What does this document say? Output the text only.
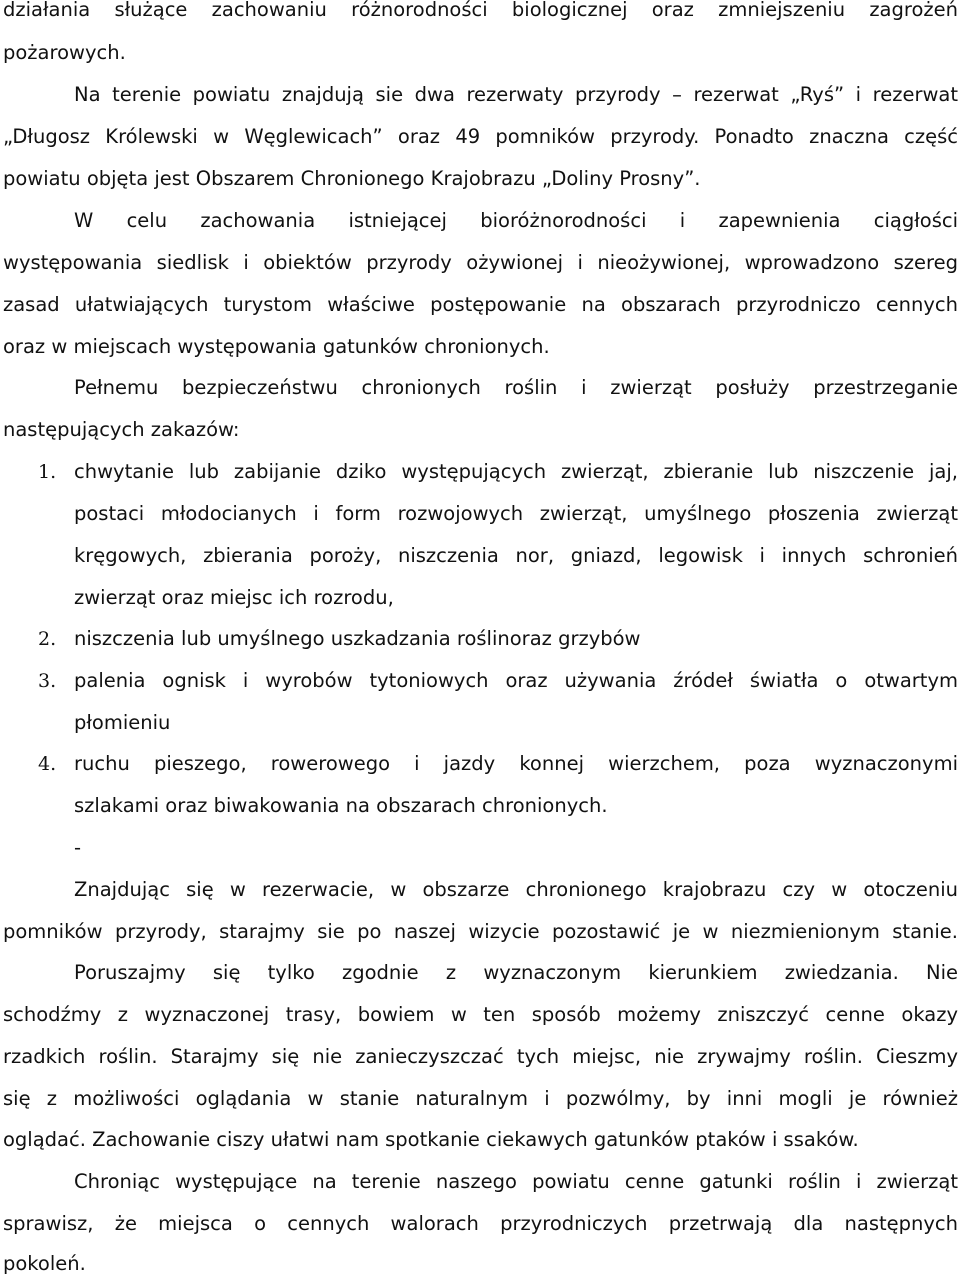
działania służące zachowaniu różnorodności biologicznej oraz zmniejszeniu zagrożeń
pożarowych.
Na terenie powiatu znajdują sie dwa rezerwaty przyrody – rezerwat „Ryś” i rezerwat
„Długosz Królewski w Węglewicach” oraz 49 pomników przyrody. Ponadto znaczna część
powiatu objęta jest Obszarem Chronionego Krajobrazu „Doliny Prosny”.
W celu zachowania istniejącej bioróżnorodności i zapewnienia ciągłości
występowania siedlisk i obiektów przyrody ożywionej i nieożywionej, wprowadzono szereg
zasad ułatwiających turystom właściwe postępowanie na obszarach przyrodniczo cennych
oraz w miejscach występowania gatunków chronionych.
Pełnemu bezpieczeństwu chronionych roślin i zwierząt posłuży przestrzeganie
następujących zakazów:
1. chwytanie lub zabijanie dziko występujących zwierząt, zbieranie lub niszczenie jaj,
postaci młodocianych i form rozwojowych zwierząt, umyślnego płoszenia zwierząt
kręgowych, zbierania poroży, niszczenia nor, gniazd, legowisk i innych schronień
zwierząt oraz miejsc ich rozrodu,
2. niszczenia lub umyślnego uszkadzania roślinoraz grzybów
3. palenia ognisk i wyrobów tytoniowych oraz używania źródeł światła o otwartym
płomieniu
4. ruchu pieszego, rowerowego i jazdy konnej wierzchem, poza wyznaczonymi
szlakami oraz biwakowania na obszarach chronionych.
-
Znajdując się w rezerwacie, w obszarze chronionego krajobrazu czy w otoczeniu
pomników przyrody, starajmy sie po naszej wizycie pozostawić je w niezmienionym stanie.
Poruszajmy się tylko zgodnie z wyznaczonym kierunkiem zwiedzania. Nie
schodźmy z wyznaczonej trasy, bowiem w ten sposób możemy zniszczyć cenne okazy
rzadkich roślin. Starajmy się nie zanieczyszczać tych miejsc, nie zrywajmy roślin. Cieszmy
się z możliwości oglądania w stanie naturalnym i pozwólmy, by inni mogli je również
oglądać. Zachowanie ciszy ułatwi nam spotkanie ciekawych gatunków ptaków i ssaków.
Chroniąc występujące na terenie naszego powiatu cenne gatunki roślin i zwierząt
sprawisz, że miejsca o cennych walorach przyrodniczych przetrwają dla następnych
pokoleń.
